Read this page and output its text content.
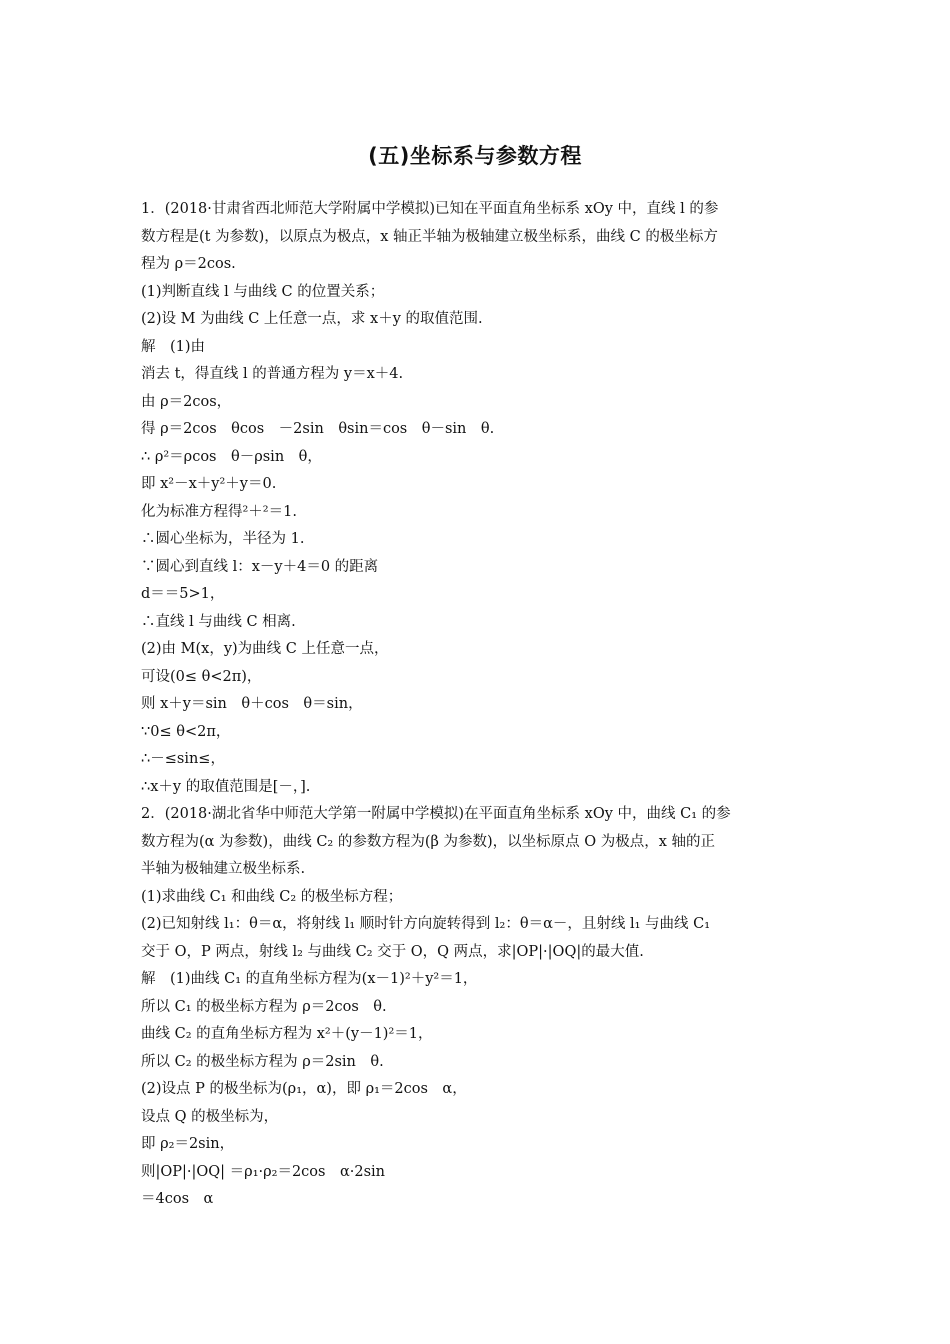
(五)坐标系与参数方程
1．(2018·甘肃省西北师范大学附属中学模拟)已知在平面直角坐标系 xOy 中，直线 l 的参
数方程是(t 为参数)，以原点为极点，x 轴正半轴为极轴建立极坐标系，曲线 C 的极坐标方
程为 ρ＝2cos.
(1)判断直线 l 与曲线 C 的位置关系；
(2)设 M 为曲线 C 上任意一点，求 x＋y 的取值范围.
解　(1)由
消去 t，得直线 l 的普通方程为 y＝x＋4.
由 ρ＝2cos，
得 ρ＝2cos　θcos　－2sin　θsin＝cos　θ－sin　θ.
∴ ρ²＝ρcos　θ－ρsin　θ，
即 x²－x＋y²＋y＝0.
化为标准方程得²＋²＝1.
∴圆心坐标为，半径为 1.
∵圆心到直线 l：x－y＋4＝0 的距离
d＝＝5>1，
∴直线 l 与曲线 C 相离.
(2)由 M(x，y)为曲线 C 上任意一点，
可设(0≤ θ<2π)，
则 x＋y＝sin　θ＋cos　θ＝sin，
∵0≤ θ<2π，
∴－≤sin≤，
∴x＋y 的取值范围是[－，].
2．(2018·湖北省华中师范大学第一附属中学模拟)在平面直角坐标系 xOy 中，曲线 C₁ 的参
数方程为(α 为参数)，曲线 C₂ 的参数方程为(β 为参数)，以坐标原点 O 为极点，x 轴的正
半轴为极轴建立极坐标系.
(1)求曲线 C₁ 和曲线 C₂ 的极坐标方程；
(2)已知射线 l₁：θ＝α，将射线 l₁ 顺时针方向旋转得到 l₂：θ＝α－，且射线 l₁ 与曲线 C₁
交于 O，P 两点，射线 l₂ 与曲线 C₂ 交于 O，Q 两点，求|OP|·|OQ|的最大值.
解　(1)曲线 C₁ 的直角坐标方程为(x－1)²＋y²＝1，
所以 C₁ 的极坐标方程为 ρ＝2cos　θ.
曲线 C₂ 的直角坐标方程为 x²＋(y－1)²＝1，
所以 C₂ 的极坐标方程为 ρ＝2sin　θ.
(2)设点 P 的极坐标为(ρ₁，α)，即 ρ₁＝2cos　α，
设点 Q 的极坐标为，
即 ρ₂＝2sin，
则|OP|·|OQ| ＝ρ₁·ρ₂＝2cos　α·2sin
＝4cos　α
